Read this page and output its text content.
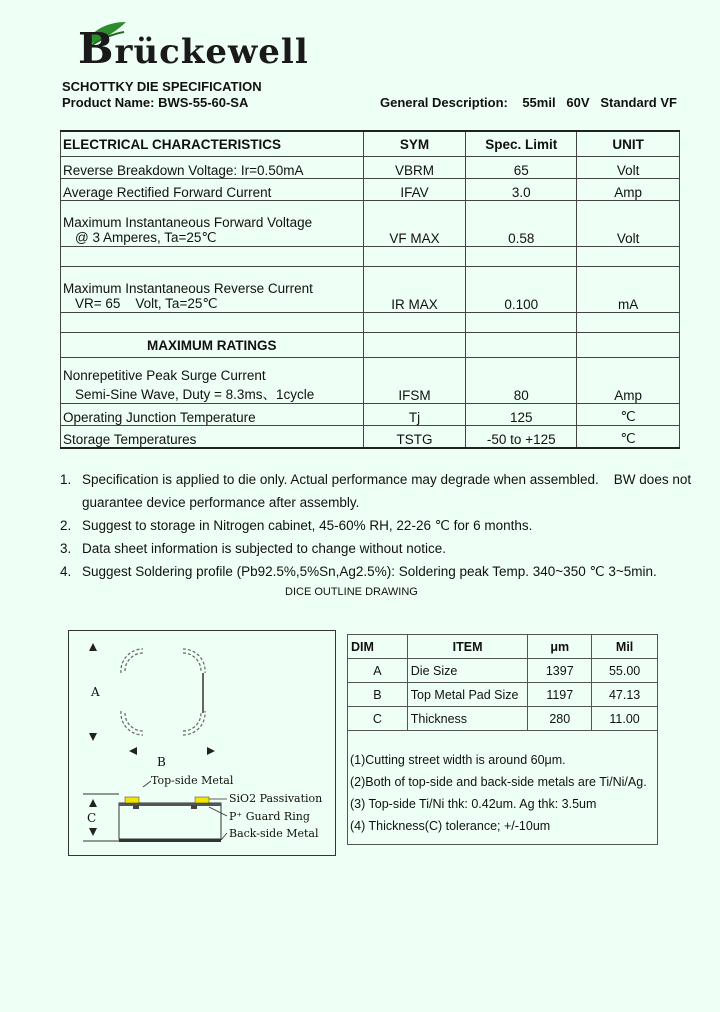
Brückewell
SCHOTTKY DIE SPECIFICATION
Product Name: BWS-55-60-SA	General Description:    55mil   60V   Standard VF
ELECTRICAL CHARACTERISTICS	SYM	Spec. Limit	UNIT
Reverse Breakdown Voltage: Ir=0.50mA	VBRM	65	Volt
Average Rectified Forward Current	IFAV	3.0	Amp

Maximum Instantaneous Forward Voltage
@ 3 Amperes, Ta=25℃	VF MAX	0.58	Volt

Maximum Instantaneous Reverse Current
VR= 65    Volt, Ta=25℃	IR MAX	0.100	mA

MAXIMUM RATINGS			

Nonrepetitive Peak Surge Current
Semi-Sine Wave, Duty = 8.3ms、1cycle	IFSM	80	Amp
Operating Junction Temperature	Tj	125	℃
Storage Temperatures	TSTG	-50 to +125	℃
1. Specification is applied to die only. Actual performance may degrade when assembled.    BW does not
guarantee device performance after assembly.
2. Suggest to storage in Nitrogen cabinet, 45-60% RH, 22-26 ℃ for 6 months.
3. Data sheet information is subjected to change without notice.
4. Suggest Soldering profile (Pb92.5%,5%Sn,Ag2.5%): Soldering peak Temp. 340~350 ℃ 3~5min.
DICE OUTLINE DRAWING
A
B
C
Top-side Metal
SiO2 Passivation
P⁺ Guard Ring
Back-side Metal
DIM	ITEM	μm	Mil
A	Die Size	1397	55.00
B	Top Metal Pad Size	1197	47.13
C	Thickness	280	11.00
(1)Cutting street width is around 60μm.
(2)Both of top-side and back-side metals are Ti/Ni/Ag.
(3) Top-side Ti/Ni thk: 0.42um. Ag thk: 3.5um
(4) Thickness(C) tolerance; +/-10um
